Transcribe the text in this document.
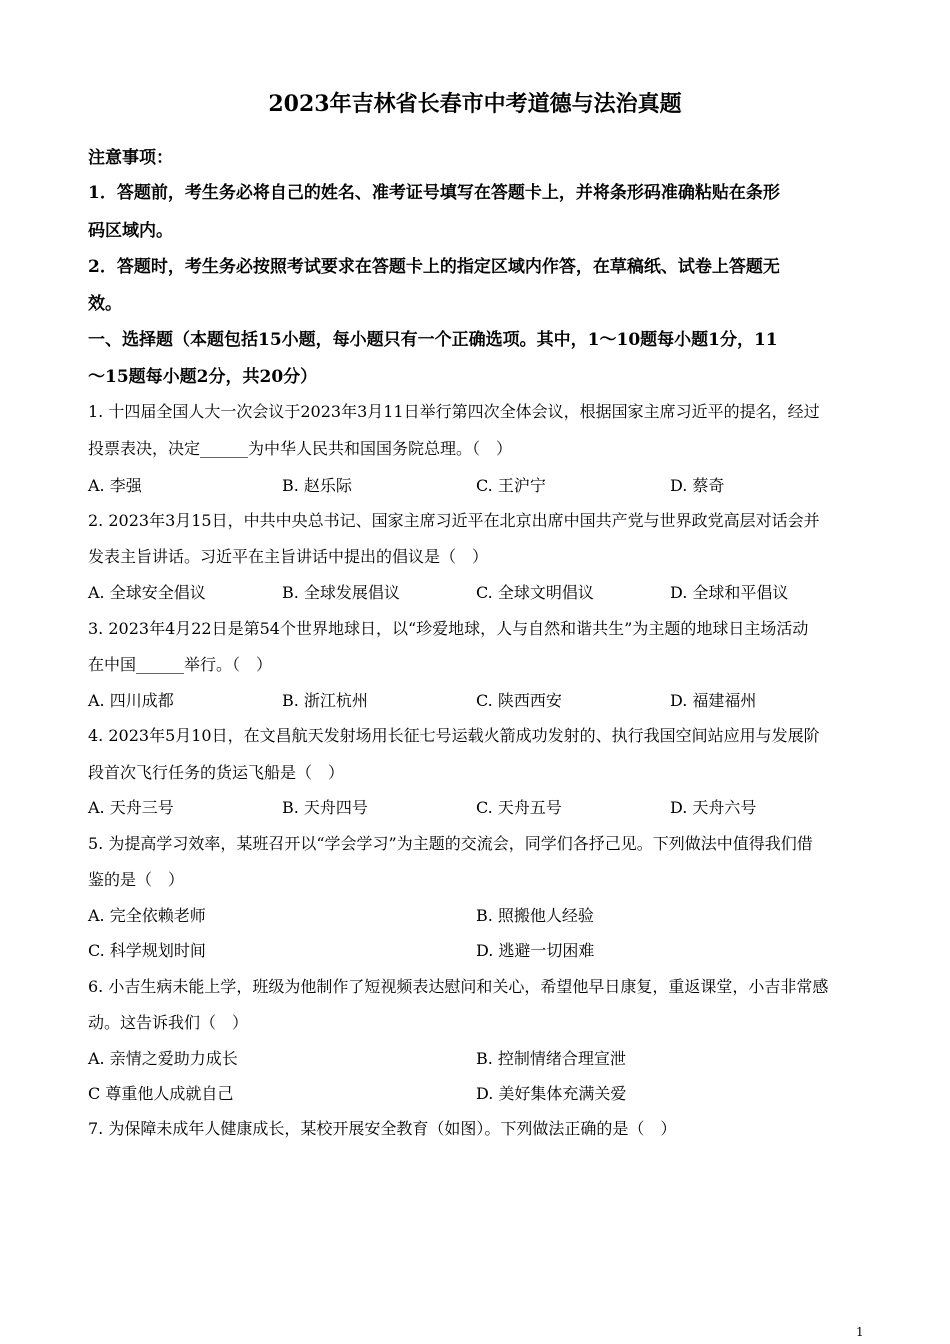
2023年吉林省长春市中考道德与法治真题
注意事项：
1．答题前，考生务必将自己的姓名、准考证号填写在答题卡上，并将条形码准确粘贴在条形
码区域内。
2．答题时，考生务必按照考试要求在答题卡上的指定区域内作答，在草稿纸、试卷上答题无
效。
一、选择题（本题包括15小题，每小题只有一个正确选项。其中，1～10题每小题1分，11
～15题每小题2分，共20分）
1. 十四届全国人大一次会议于2023年3月11日举行第四次全体会议，根据国家主席习近平的提名，经过
投票表决，决定______为中华人民共和国国务院总理。（　）
A. 李强	B. 赵乐际	C. 王沪宁	D. 蔡奇
2. 2023年3月15日，中共中央总书记、国家主席习近平在北京出席中国共产党与世界政党高层对话会并
发表主旨讲话。习近平在主旨讲话中提出的倡议是（　）
A. 全球安全倡议	B. 全球发展倡议	C. 全球文明倡议	D. 全球和平倡议
3. 2023年4月22日是第54个世界地球日，以“珍爱地球，人与自然和谐共生”为主题的地球日主场活动
在中国______举行。（　）
A. 四川成都	B. 浙江杭州	C. 陕西西安	D. 福建福州
4. 2023年5月10日，在文昌航天发射场用长征七号运载火箭成功发射的、执行我国空间站应用与发展阶
段首次飞行任务的货运飞船是（　）
A. 天舟三号	B. 天舟四号	C. 天舟五号	D. 天舟六号
5. 为提高学习效率，某班召开以“学会学习”为主题的交流会，同学们各抒己见。下列做法中值得我们借
鉴的是（　）
A. 完全依赖老师	B. 照搬他人经验
C. 科学规划时间	D. 逃避一切困难
6. 小吉生病未能上学，班级为他制作了短视频表达慰问和关心，希望他早日康复，重返课堂，小吉非常感
动。这告诉我们（　）
A. 亲情之爱助力成长	B. 控制情绪合理宣泄
C 尊重他人成就自己	D. 美好集体充满关爱
7. 为保障未成年人健康成长，某校开展安全教育（如图）。下列做法正确的是（　）
1
